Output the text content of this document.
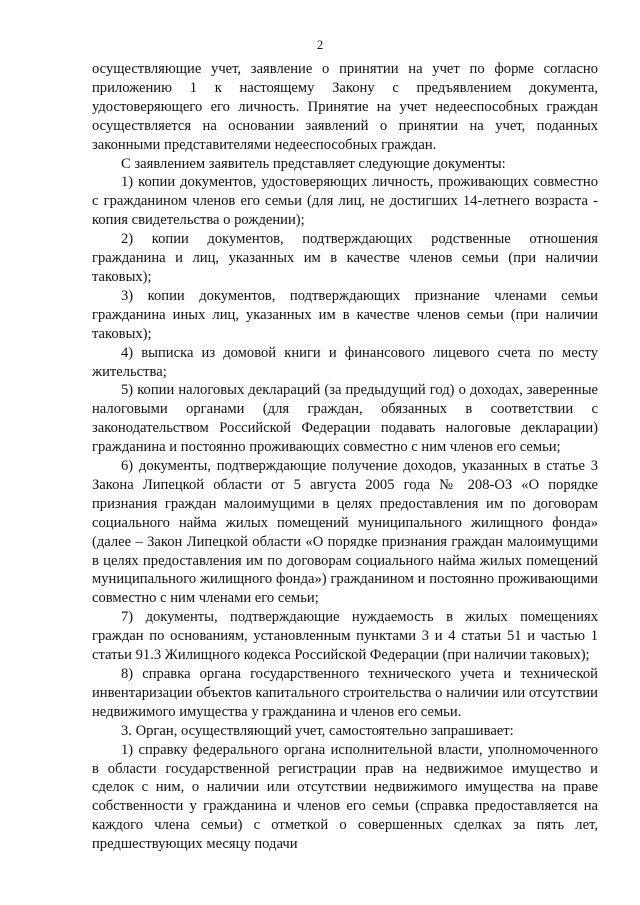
2

осуществляющие учет, заявление о принятии на учет по форме согласно приложению 1 к настоящему Закону с предъявлением документа, удостоверяющего его личность. Принятие на учет недееспособных граждан осуществляется на основании заявлений о принятии на учет, поданных законными представителями недееспособных граждан.

С заявлением заявитель представляет следующие документы:

1) копии документов, удостоверяющих личность, проживающих совместно с гражданином членов его семьи (для лиц, не достигших 14-летнего возраста - копия свидетельства о рождении);

2) копии документов, подтверждающих родственные отношения гражданина и лиц, указанных им в качестве членов семьи (при наличии таковых);

3) копии документов, подтверждающих признание членами семьи гражданина иных лиц, указанных им в качестве членов семьи (при наличии таковых);

4) выписка из домовой книги и финансового лицевого счета по месту жительства;

5) копии налоговых деклараций (за предыдущий год) о доходах, заверенные налоговыми органами (для граждан, обязанных в соответствии с законодательством Российской Федерации подавать налоговые декларации) гражданина и постоянно проживающих совместно с ним членов его семьи;

6) документы, подтверждающие получение доходов, указанных в статье 3 Закона Липецкой области от 5 августа 2005 года № 208-ОЗ «О порядке признания граждан малоимущими в целях предоставления им по договорам социального найма жилых помещений муниципального жилищного фонда» (далее – Закон Липецкой области «О порядке признания граждан малоимущими в целях предоставления им по договорам социального найма жилых помещений муниципального жилищного фонда») гражданином и постоянно проживающими совместно с ним членами его семьи;

7) документы, подтверждающие нуждаемость в жилых помещениях граждан по основаниям, установленным пунктами 3 и 4 статьи 51 и частью 1 статьи 91.3 Жилищного кодекса Российской Федерации (при наличии таковых);

8) справка органа государственного технического учета и технической инвентаризации объектов капитального строительства о наличии или отсутствии недвижимого имущества у гражданина и членов его семьи.

3. Орган, осуществляющий учет, самостоятельно запрашивает:

1) справку федерального органа исполнительной власти, уполномоченного в области государственной регистрации прав на недвижимое имущество и сделок с ним, о наличии или отсутствии недвижимого имущества на праве собственности у гражданина и членов его семьи (справка предоставляется на каждого члена семьи) с отметкой о совершенных сделках за пять лет, предшествующих месяцу подачи
